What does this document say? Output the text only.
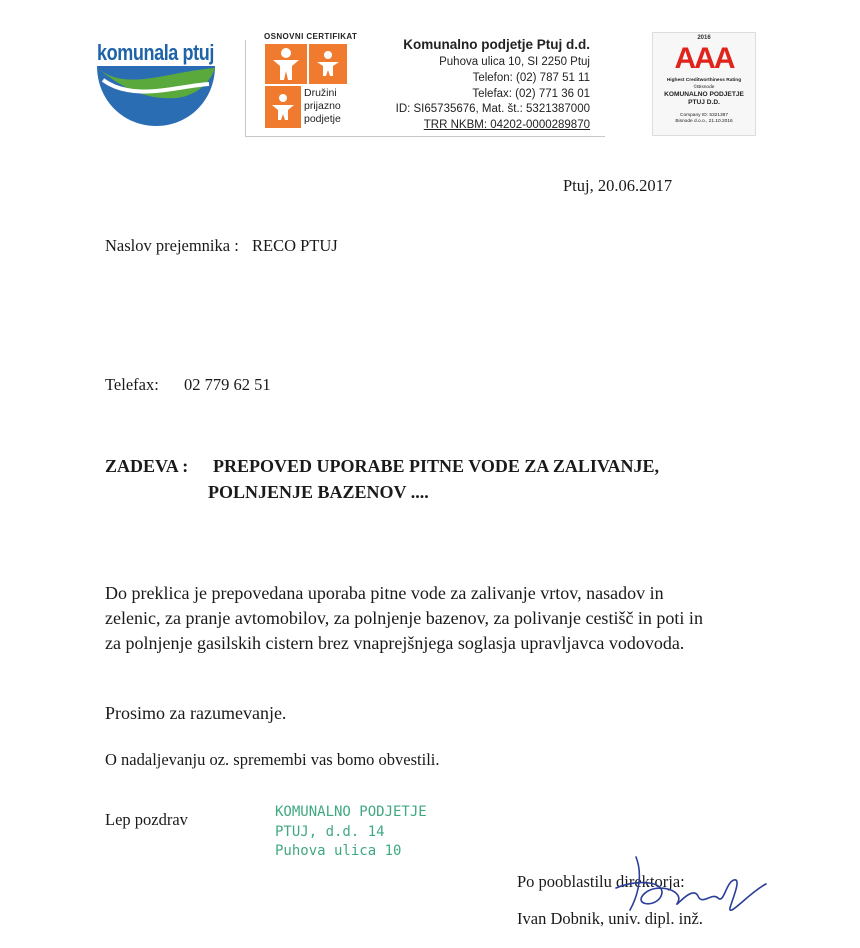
komunala ptuj
OSNOVNI CERTIFIKAT
Družini
prijazno
podjetje
Komunalno podjetje Ptuj d.d.
Puhova ulica 10, SI 2250 Ptuj
Telefon: (02) 787 51 11
Telefax: (02) 771 36 01
ID: SI65735676, Mat. št.: 5321387000
TRR NKBM: 04202-0000289870
2016
AAA
Highest Creditworthiness Rating
©Bisnode
KOMUNALNO PODJETJE
PTUJ D.D.
Company ID: 5321387
Bisnode d.o.o., 21.10.2016
Ptuj, 20.06.2017
Naslov prejemnika : RECO PTUJ
Telefax: 02 779 62 51
ZADEVA : PREPOVED UPORABE PITNE VODE ZA ZALIVANJE,
POLNJENJE BAZENOV ....
Do preklica je prepovedana uporaba pitne vode za zalivanje vrtov, nasadov in
zelenic, za pranje avtomobilov, za polnjenje bazenov, za polivanje cestišč in poti in
za polnjenje gasilskih cistern brez vnaprejšnjega soglasja upravljavca vodovoda.
Prosimo za razumevanje.
O nadaljevanju oz. spremembi vas bomo obvestili.
Lep pozdrav	KOMUNALNO PODJETJE
PTUJ, d.d. 14
Puhova ulica 10
Po pooblastilu direktorja:
Ivan Dobnik, univ. dipl. inž.
